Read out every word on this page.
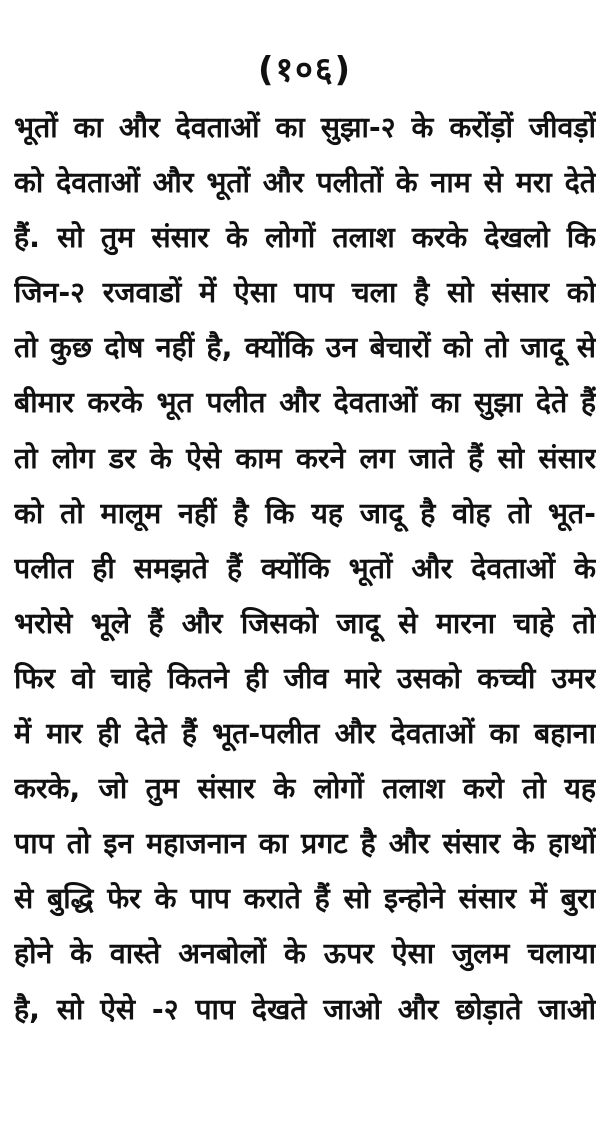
(१०६)
भूतों का और देवताओं का सुझा-२ के करोंड़ों जीवड़ों
को देवताओं और भूतों और पलीतों के नाम से मरा देते
हैं. सो तुम संसार के लोगों तलाश करके देखलो कि
जिन-२ रजवाडों में ऐसा पाप चला है सो संसार को
तो कुछ दोष नहीं है, क्योंकि उन बेचारों को तो जादू से
बीमार करके भूत पलीत और देवताओं का सुझा देते हैं
तो लोग डर के ऐसे काम करने लग जाते हैं सो संसार
को तो मालूम नहीं है कि यह जादू है वोह तो भूत-
पलीत ही समझते हैं क्योंकि भूतों और देवताओं के
भरोसे भूले हैं और जिसको जादू से मारना चाहे तो
फिर वो चाहे कितने ही जीव मारे उसको कच्ची उमर
में मार ही देते हैं भूत-पलीत और देवताओं का बहाना
करके, जो तुम संसार के लोगों तलाश करो तो यह
पाप तो इन महाजनान का प्रगट है और संसार के हाथों
से बुद्धि फेर के पाप कराते हैं सो इन्होने संसार में बुरा
होने के वास्ते अनबोलों के ऊपर ऐसा जुलम चलाया
है, सो ऐसे -२ पाप देखते जाओ और छोड़ाते जाओ
